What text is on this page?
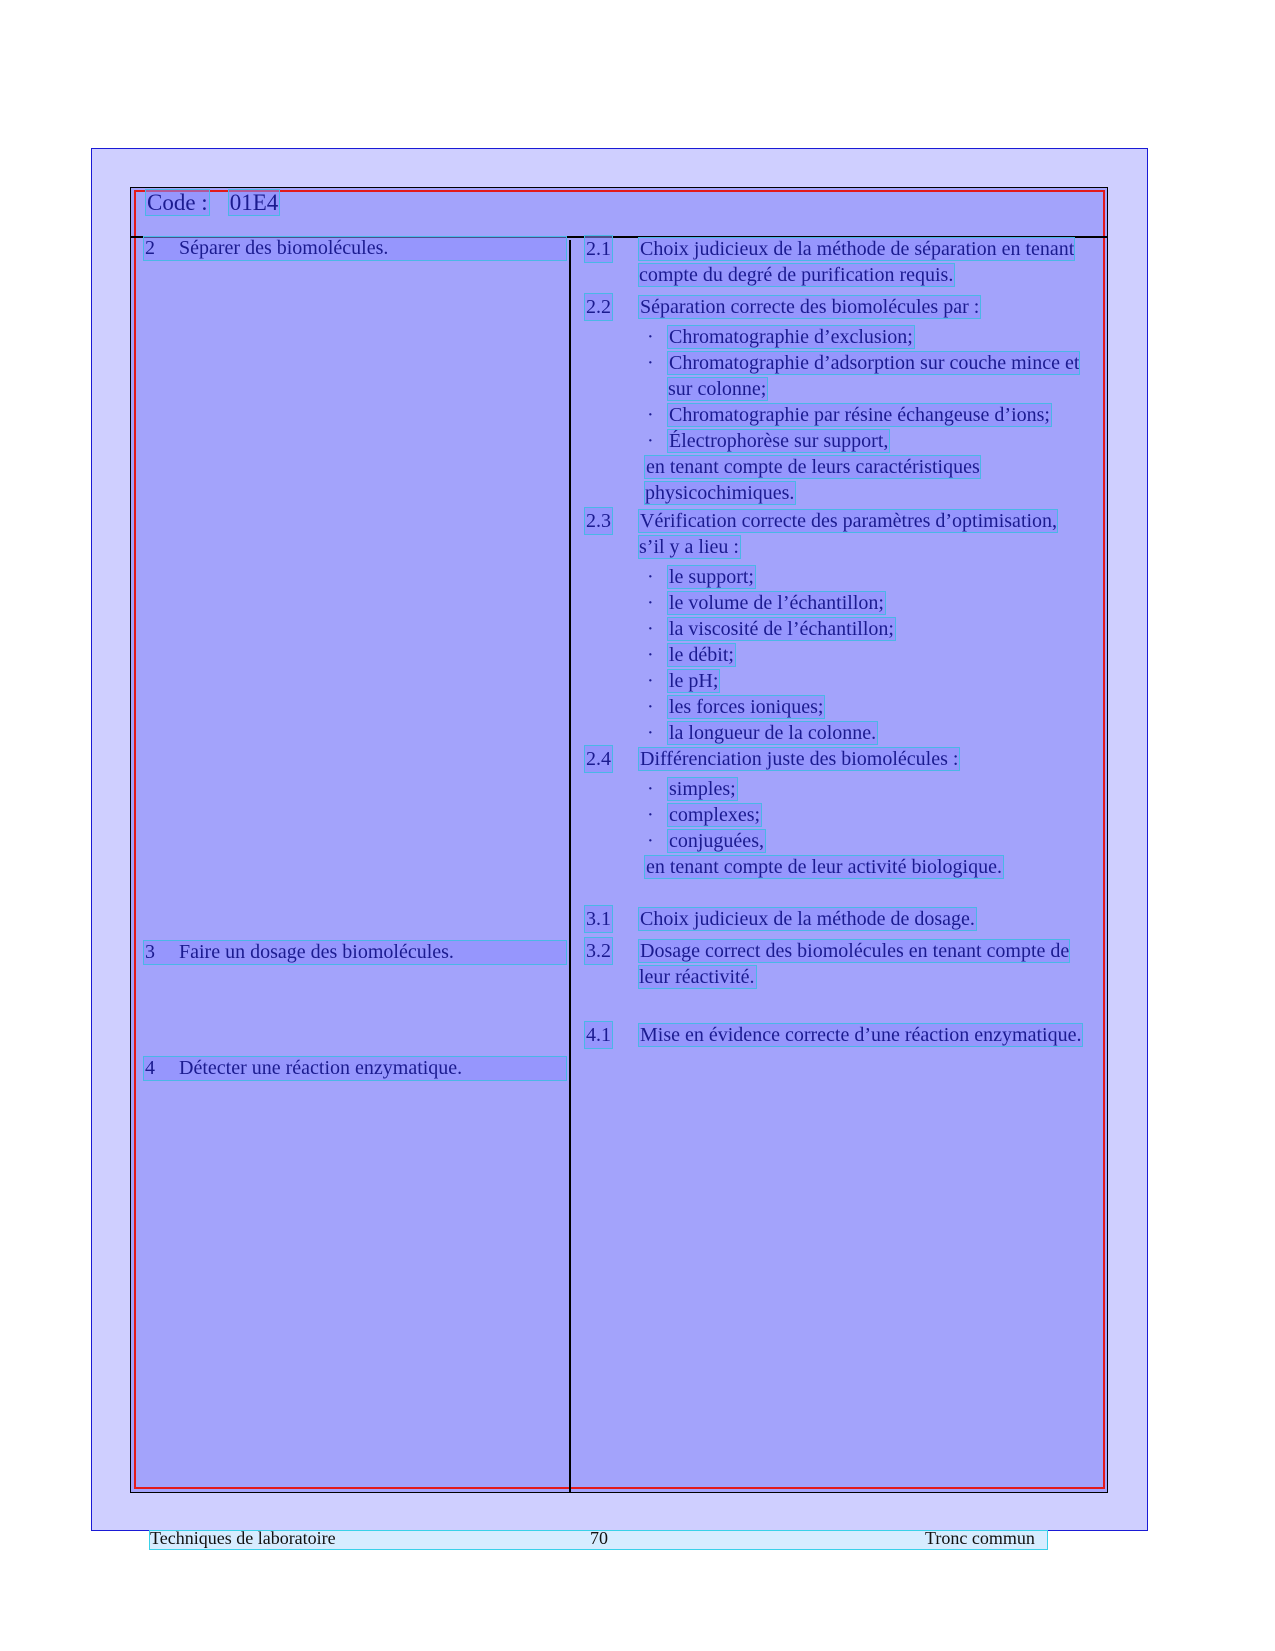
Code : 01E4
2 Séparer des biomolécules.
3 Faire un dosage des biomolécules.
4 Détecter une réaction enzymatique.
2.1 Choix judicieux de la méthode de séparation en tenant compte du degré de purification requis.
2.2 Séparation correcte des biomolécules par :
· Chromatographie d’exclusion;
· Chromatographie d’adsorption sur couche mince et sur colonne;
· Chromatographie par résine échangeuse d’ions;
· Électrophorèse sur support,
en tenant compte de leurs caractéristiques physicochimiques.
2.3 Vérification correcte des paramètres d’optimisation, s’il y a lieu :
· le support;
· le volume de l’échantillon;
· la viscosité de l’échantillon;
· le débit;
· le pH;
· les forces ioniques;
· la longueur de la colonne.
2.4 Différenciation juste des biomolécules :
· simples;
· complexes;
· conjuguées,
en tenant compte de leur activité biologique.
3.1 Choix judicieux de la méthode de dosage.
3.2 Dosage correct des biomolécules en tenant compte de leur réactivité.
4.1 Mise en évidence correcte d’une réaction enzymatique.
Techniques de laboratoire	70	Tronc commun
